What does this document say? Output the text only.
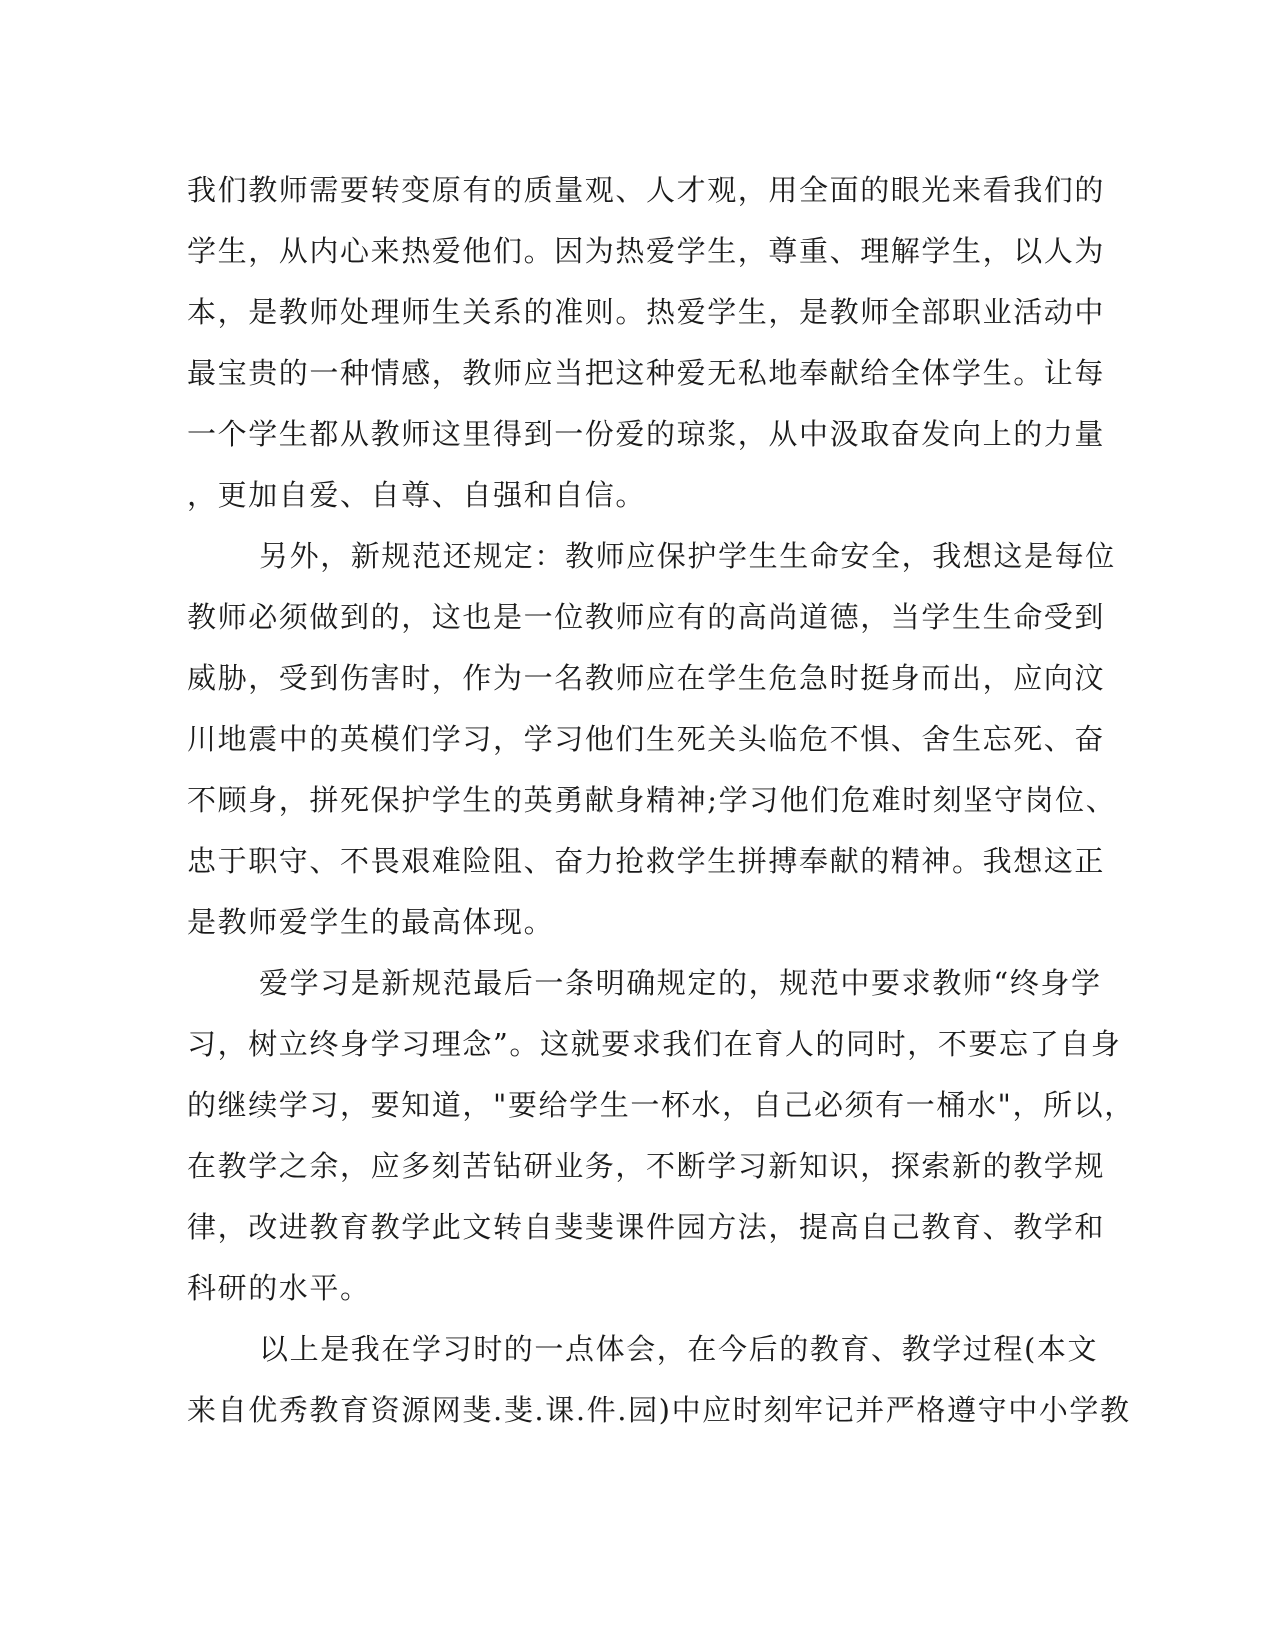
我们教师需要转变原有的质量观、人才观，用全面的眼光来看我们的
学生，从内心来热爱他们。因为热爱学生，尊重、理解学生，以人为
本，是教师处理师生关系的准则。热爱学生，是教师全部职业活动中
最宝贵的一种情感，教师应当把这种爱无私地奉献给全体学生。让每
一个学生都从教师这里得到一份爱的琼浆，从中汲取奋发向上的力量
，更加自爱、自尊、自强和自信。
另外，新规范还规定：教师应保护学生生命安全，我想这是每位
教师必须做到的，这也是一位教师应有的高尚道德，当学生生命受到
威胁，受到伤害时，作为一名教师应在学生危急时挺身而出，应向汶
川地震中的英模们学习，学习他们生死关头临危不惧、舍生忘死、奋
不顾身，拼死保护学生的英勇献身精神;学习他们危难时刻坚守岗位、
忠于职守、不畏艰难险阻、奋力抢救学生拼搏奉献的精神。我想这正
是教师爱学生的最高体现。
爱学习是新规范最后一条明确规定的，规范中要求教师“终身学
习，树立终身学习理念”。这就要求我们在育人的同时，不要忘了自身
的继续学习，要知道，"要给学生一杯水，自己必须有一桶水"，所以，
在教学之余，应多刻苦钻研业务，不断学习新知识，探索新的教学规
律，改进教育教学此文转自斐斐课件园方法，提高自己教育、教学和
科研的水平。
以上是我在学习时的一点体会，在今后的教育、教学过程(本文
来自优秀教育资源网斐.斐.课.件.园)中应时刻牢记并严格遵守中小学教
